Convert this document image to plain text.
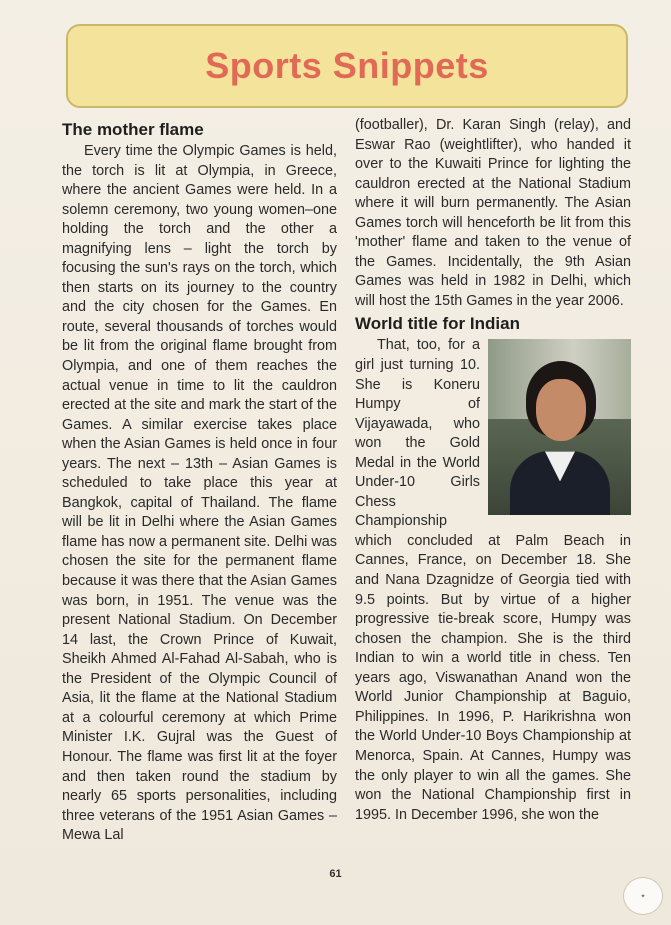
Sports Snippets
The mother flame

Every time the Olympic Games is held, the torch is lit at Olympia, in Greece, where the ancient Games were held. In a solemn ceremony, two young women–one holding the torch and the other a magnifying lens – light the torch by focusing the sun's rays on the torch, which then starts on its journey to the country and the city chosen for the Games. En route, several thousands of torches would be lit from the original flame brought from Olympia, and one of them reaches the actual venue in time to lit the cauldron erected at the site and mark the start of the Games. A similar exercise takes place when the Asian Games is held once in four years. The next – 13th – Asian Games is scheduled to take place this year at Bangkok, capital of Thailand. The flame will be lit in Delhi where the Asian Games flame has now a permanent site. Delhi was chosen the site for the permanent flame because it was there that the Asian Games was born, in 1951. The venue was the present National Stadium. On December 14 last, the Crown Prince of Kuwait, Sheikh Ahmed Al-Fahad Al-Sabah, who is the President of the Olympic Council of Asia, lit the flame at the National Stadium at a colourful ceremony at which Prime Minister I.K. Gujral was the Guest of Honour. The flame was first lit at the foyer and then taken round the stadium by nearly 65 sports personalities, including three veterans of the 1951 Asian Games – Mewa Lal

(footballer), Dr. Karan Singh (relay), and Eswar Rao (weightlifter), who handed it over to the Kuwaiti Prince for lighting the cauldron erected at the National Stadium where it will burn permanently. The Asian Games torch will henceforth be lit from this 'mother' flame and taken to the venue of the Games. Incidentally, the 9th Asian Games was held in 1982 in Delhi, which will host the 15th Games in the year 2006.

World title for Indian

That, too, for a girl just turning 10. She is Koneru Humpy of Vijayawada, who won the Gold Medal in the World Under-10 Girls Chess Championship which concluded at Palm Beach in Cannes, France, on December 18. She and Nana Dzagnidze of Georgia tied with 9.5 points. But by virtue of a higher progressive tie-break score, Humpy was chosen the champion. She is the third Indian to win a world title in chess. Ten years ago, Viswanathan Anand won the World Junior Championship at Baguio, Philippines. In 1996, P. Harikrishna won the World Under-10 Boys Championship at Menorca, Spain. At Cannes, Humpy was the only player to win all the games. She won the National Championship first in 1995. In December 1996, she won the

61
✦
